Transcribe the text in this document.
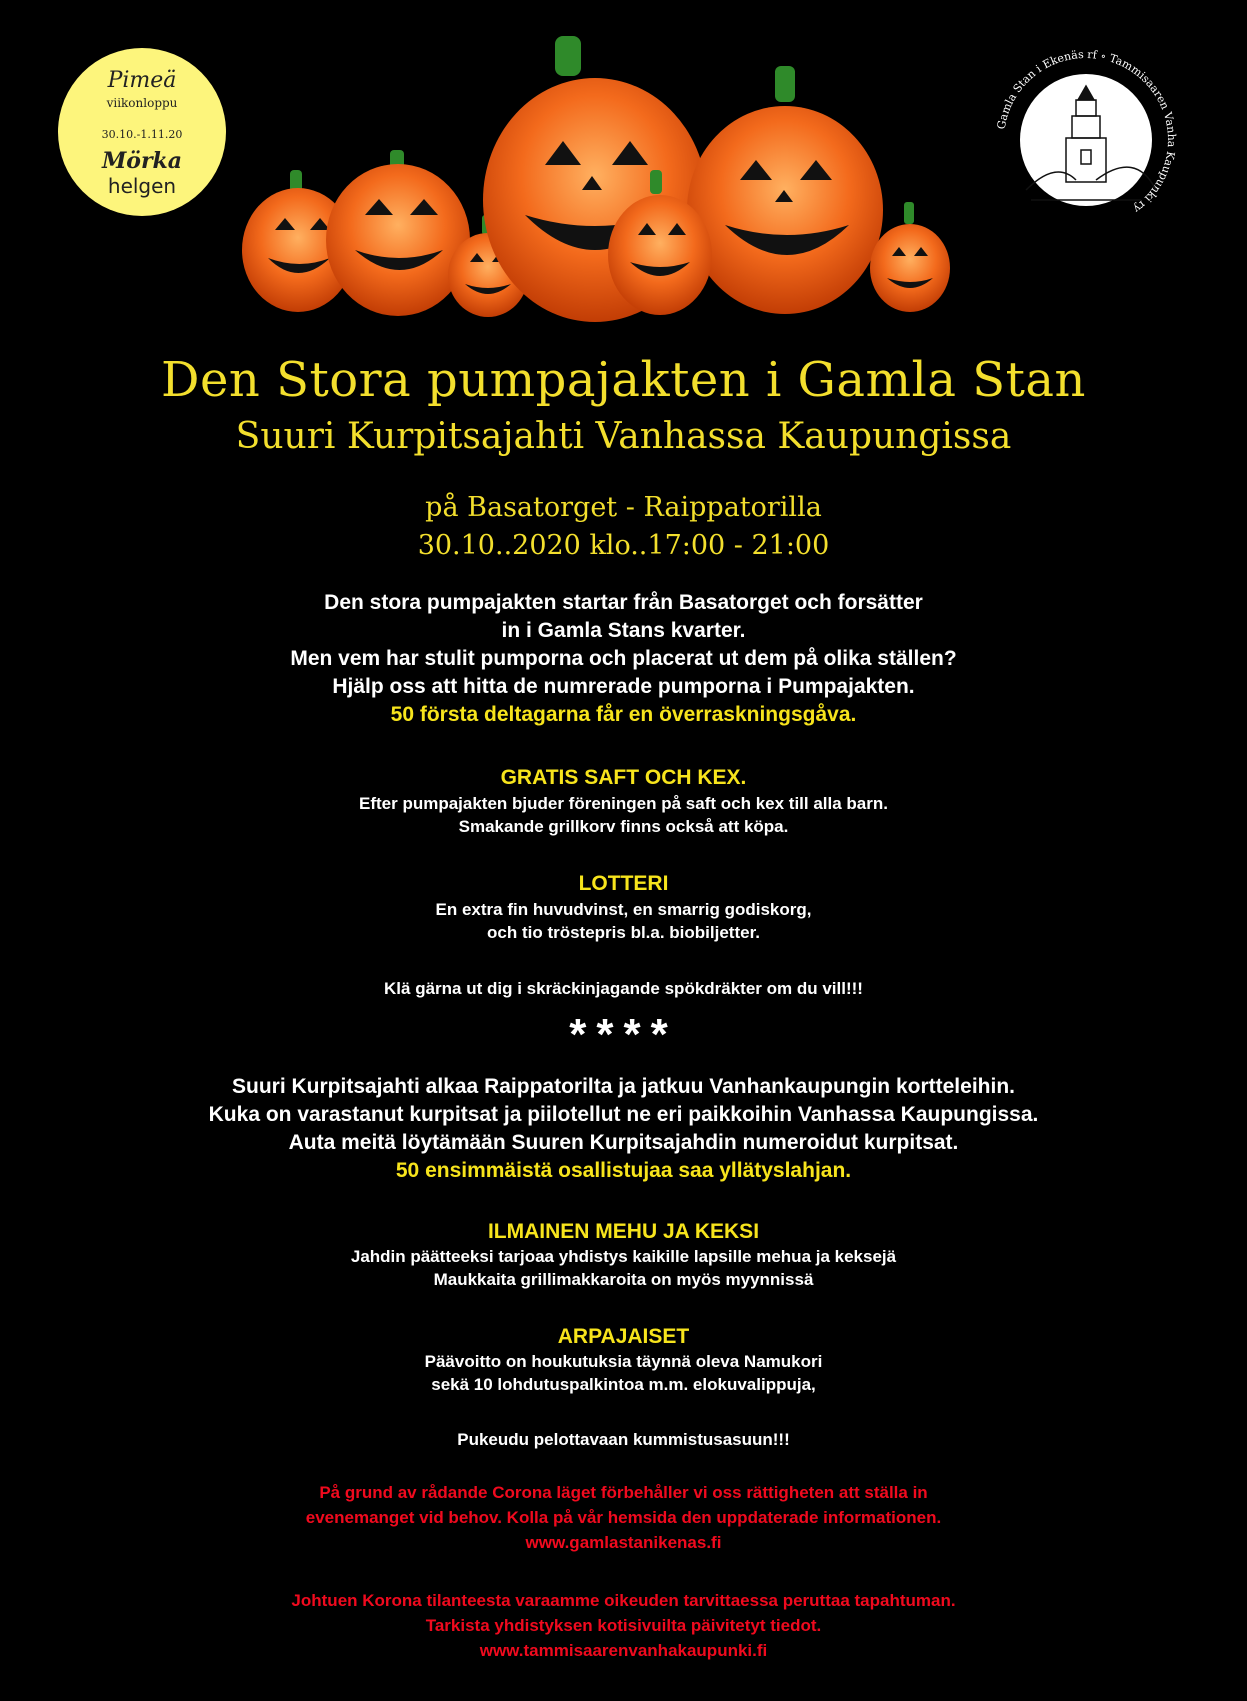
Pimeä
viikonloppu
30.10.-1.11.20
Mörka
helgen
Gamla Stan i Ekenäs rf ∘ Tammisaaren Vanha Kaupunki ry
Den Stora pumpajakten i Gamla Stan
Suuri Kurpitsajahti Vanhassa Kaupungissa
på Basatorget - Raippatorilla
30.10..2020 klo..17:00 - 21:00
Den stora pumpajakten startar från Basatorget och forsätter
in i Gamla Stans kvarter.
Men vem har stulit pumporna och placerat ut dem på olika ställen?
Hjälp oss att hitta de numrerade pumporna i Pumpajakten.
50 första deltagarna får en överraskningsgåva.
GRATIS SAFT OCH KEX.
Efter pumpajakten bjuder föreningen på saft och kex till alla barn.
Smakande grillkorv finns också att köpa.
LOTTERI
En extra fin huvudvinst, en smarrig godiskorg,
och tio tröstepris bl.a. biobiljetter.
Klä gärna ut dig i skräckinjagande spökdräkter om du vill!!!
****
Suuri Kurpitsajahti alkaa Raippatorilta ja jatkuu Vanhankaupungin kortteleihin.
Kuka on varastanut kurpitsat ja piilotellut ne eri paikkoihin Vanhassa Kaupungissa.
Auta meitä löytämään Suuren Kurpitsajahdin numeroidut kurpitsat.
50 ensimmäistä osallistujaa saa yllätyslahjan.
ILMAINEN MEHU JA KEKSI
Jahdin päätteeksi tarjoaa yhdistys kaikille lapsille mehua ja keksejä
Maukkaita grillimakkaroita on myös myynnissä
ARPAJAISET
Päävoitto on houkutuksia täynnä oleva Namukori
sekä 10 lohdutuspalkintoa m.m. elokuvalippuja,
Pukeudu pelottavaan kummistusasuun!!!
På grund av rådande Corona läget förbehåller vi oss rättigheten att ställa in
evenemanget vid behov. Kolla på vår hemsida den uppdaterade informationen.
www.gamlastanikenas.fi
Johtuen Korona tilanteesta varaamme oikeuden tarvittaessa peruttaa tapahtuman.
Tarkista yhdistyksen kotisivuilta päivitetyt tiedot.
www.tammisaarenvanhakaupunki.fi
